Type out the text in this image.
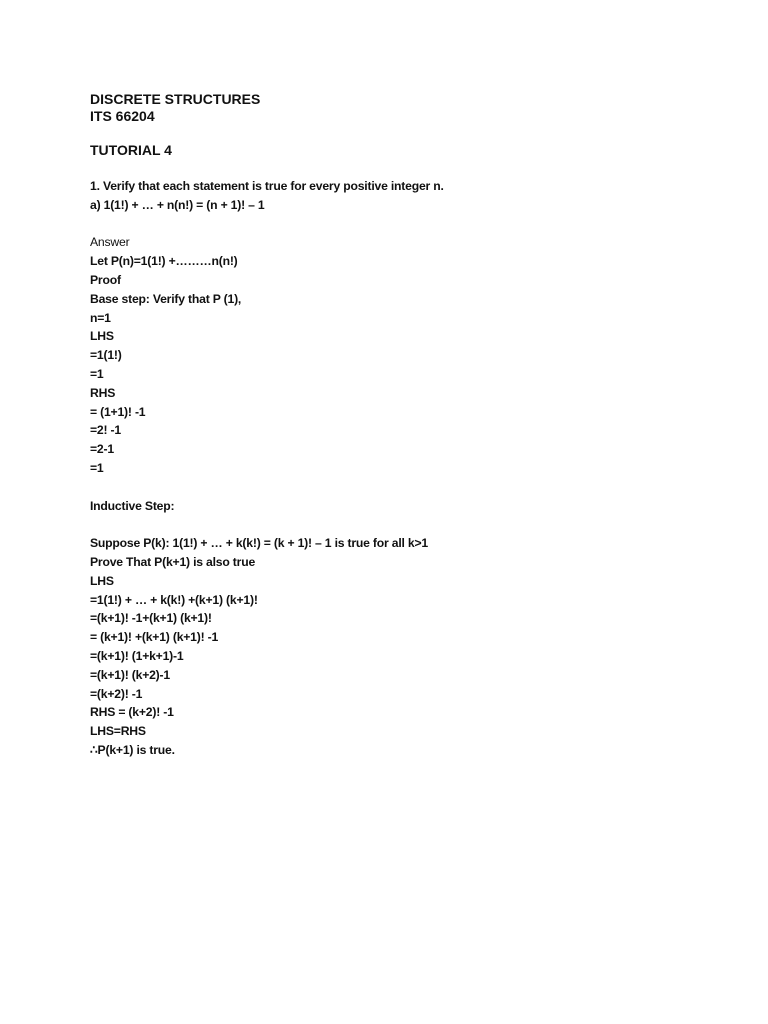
DISCRETE STRUCTURES
ITS 66204
TUTORIAL 4
1. Verify that each statement is true for every positive integer n.
a) 1(1!) + … + n(n!) = (n + 1)! – 1
Answer
Let P(n)=1(1!) +………n(n!)
Proof
Base step: Verify that P (1),
n=1
LHS
=1(1!)
=1
RHS
= (1+1)! -1
=2! -1
=2-1
=1
Inductive Step:
Suppose P(k): 1(1!) + … + k(k!) = (k + 1)! – 1 is true for all k>1
Prove That P(k+1) is also true
LHS
=1(1!) + … + k(k!) +(k+1) (k+1)!
=(k+1)! -1+(k+1) (k+1)!
= (k+1)! +(k+1) (k+1)! -1
=(k+1)! (1+k+1)-1
=(k+1)! (k+2)-1
=(k+2)! -1
RHS = (k+2)! -1
LHS=RHS
∴P(k+1) is true.
